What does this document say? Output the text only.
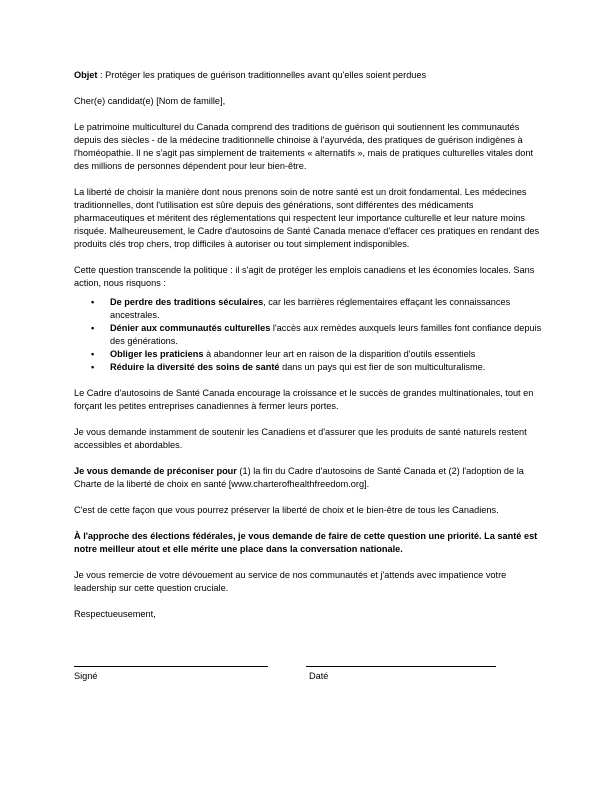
Objet : Protéger les pratiques de guérison traditionnelles avant qu'elles soient perdues

Cher(e) candidat(e) [Nom de famille],

Le patrimoine multiculturel du Canada comprend des traditions de guérison qui soutiennent les communautés depuis des siècles - de la médecine traditionnelle chinoise à l'ayurvéda, des pratiques de guérison indigènes à l'homéopathie. Il ne s'agit pas simplement de traitements « alternatifs », mais de pratiques culturelles vitales dont des millions de personnes dépendent pour leur bien-être.

La liberté de choisir la manière dont nous prenons soin de notre santé est un droit fondamental. Les médecines traditionnelles, dont l'utilisation est sûre depuis des générations, sont différentes des médicaments pharmaceutiques et méritent des réglementations qui respectent leur importance culturelle et leur nature moins risquée. Malheureusement, le Cadre d'autosoins de Santé Canada menace d'effacer ces pratiques en rendant des produits clés trop chers, trop difficiles à autoriser ou tout simplement indisponibles.

Cette question transcende la politique : il s'agit de protéger les emplois canadiens et les économies locales. Sans action, nous risquons :

• De perdre des traditions séculaires, car les barrières réglementaires effaçant les connaissances ancestrales.
• Dénier aux communautés culturelles l'accès aux remèdes auxquels leurs familles font confiance depuis des générations.
• Obliger les praticiens à abandonner leur art en raison de la disparition d'outils essentiels
• Réduire la diversité des soins de santé dans un pays qui est fier de son multiculturalisme.

Le Cadre d'autosoins de Santé Canada encourage la croissance et le succès de grandes multinationales, tout en forçant les petites entreprises canadiennes à fermer leurs portes.

Je vous demande instamment de soutenir les Canadiens et d'assurer que les produits de santé naturels restent accessibles et abordables.

Je vous demande de préconiser pour (1) la fin du Cadre d'autosoins de Santé Canada et (2) l'adoption de la Charte de la liberté de choix en santé [www.charterofhealthfreedom.org].

C'est de cette façon que vous pourrez préserver la liberté de choix et le bien-être de tous les Canadiens.

À l'approche des élections fédérales, je vous demande de faire de cette question une priorité. La santé est notre meilleur atout et elle mérite une place dans la conversation nationale.

Je vous remercie de votre dévouement au service de nos communautés et j'attends avec impatience votre leadership sur cette question cruciale.

Respectueusement,

Signé	Daté
